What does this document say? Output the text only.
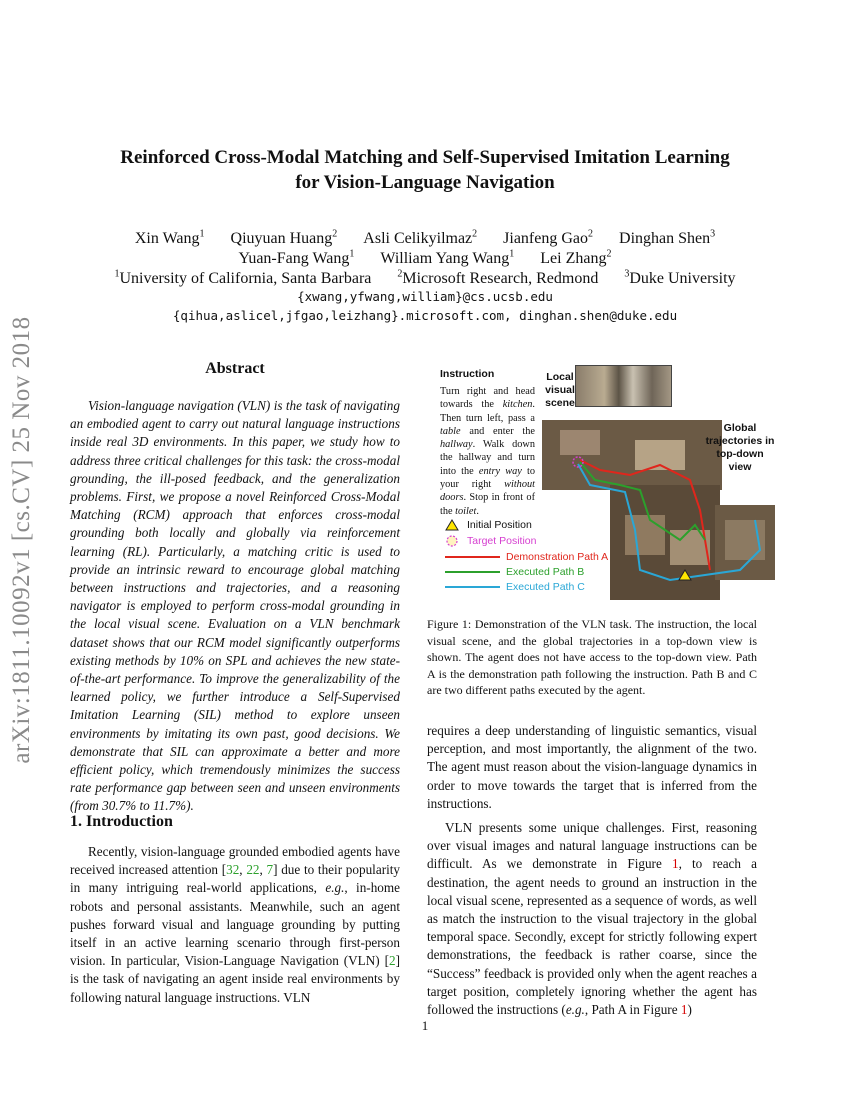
arXiv:1811.10092v1 [cs.CV] 25 Nov 2018
Reinforced Cross-Modal Matching and Self-Supervised Imitation Learning
for Vision-Language Navigation
Xin Wang$^1$ Qiuyuan Huang$^2$ Asli Celikyilmaz$^2$ Jianfeng Gao$^2$ Dinghan Shen$^3$
Yuan-Fang Wang$^1$ William Yang Wang$^1$ Lei Zhang$^2$
$^1$University of California, Santa Barbara	$^2$Microsoft Research, Redmond	$^3$Duke University
{xwang,yfwang,william}@cs.ucsb.edu
{qihua,aslicel,jfgao,leizhang}.microsoft.com, dinghan.shen@duke.edu
Abstract
Vision-language navigation (VLN) is the task of navigating an embodied agent to carry out natural language instructions inside real 3D environments. In this paper, we study how to address three critical challenges for this task: the cross-modal grounding, the ill-posed feedback, and the generalization problems. First, we propose a novel Reinforced Cross-Modal Matching (RCM) approach that enforces cross-modal grounding both locally and globally via reinforcement learning (RL). Particularly, a matching critic is used to provide an intrinsic reward to encourage global matching between instructions and trajectories, and a reasoning navigator is employed to perform cross-modal grounding in the local visual scene. Evaluation on a VLN benchmark dataset shows that our RCM model significantly outperforms existing methods by 10% on SPL and achieves the new state-of-the-art performance. To improve the generalizability of the learned policy, we further introduce a Self-Supervised Imitation Learning (SIL) method to explore unseen environments by imitating its own past, good decisions. We demonstrate that SIL can approximate a better and more efficient policy, which tremendously minimizes the success rate performance gap between seen and unseen environments (from 30.7% to 11.7%).
1. Introduction
Recently, vision-language grounded embodied agents have received increased attention [32, 22, 7] due to their popularity in many intriguing real-world applications, e.g., in-home robots and personal assistants. Meanwhile, such an agent pushes forward visual and language grounding by putting itself in an active learning scenario through first-person vision. In particular, Vision-Language Navigation (VLN) [2] is the task of navigating an agent inside real environments by following natural language instructions. VLN
Instruction
Turn right and head towards the kitchen. Then turn left, pass a table and enter the hallway. Walk down the hallway and turn into the entry way to your right without doors. Stop in front of the toilet.
Local visual scene
Global trajectories in top-down view
Initial Position
Target Position
Demonstration Path A
Executed Path B
Executed Path C
Figure 1: Demonstration of the VLN task. The instruction, the local visual scene, and the global trajectories in a top-down view is shown. The agent does not have access to the top-down view. Path A is the demonstration path following the instruction. Path B and C are two different paths executed by the agent.

requires a deep understanding of linguistic semantics, visual perception, and most importantly, the alignment of the two. The agent must reason about the vision-language dynamics in order to move towards the target that is inferred from the instructions.

VLN presents some unique challenges. First, reasoning over visual images and natural language instructions can be difficult. As we demonstrate in Figure 1, to reach a destination, the agent needs to ground an instruction in the local visual scene, represented as a sequence of words, as well as match the instruction to the visual trajectory in the global temporal space. Secondly, except for strictly following expert demonstrations, the feedback is rather coarse, since the “Success” feedback is provided only when the agent reaches a target position, completely ignoring whether the agent has followed the instructions (e.g., Path A in Figure 1)

1
